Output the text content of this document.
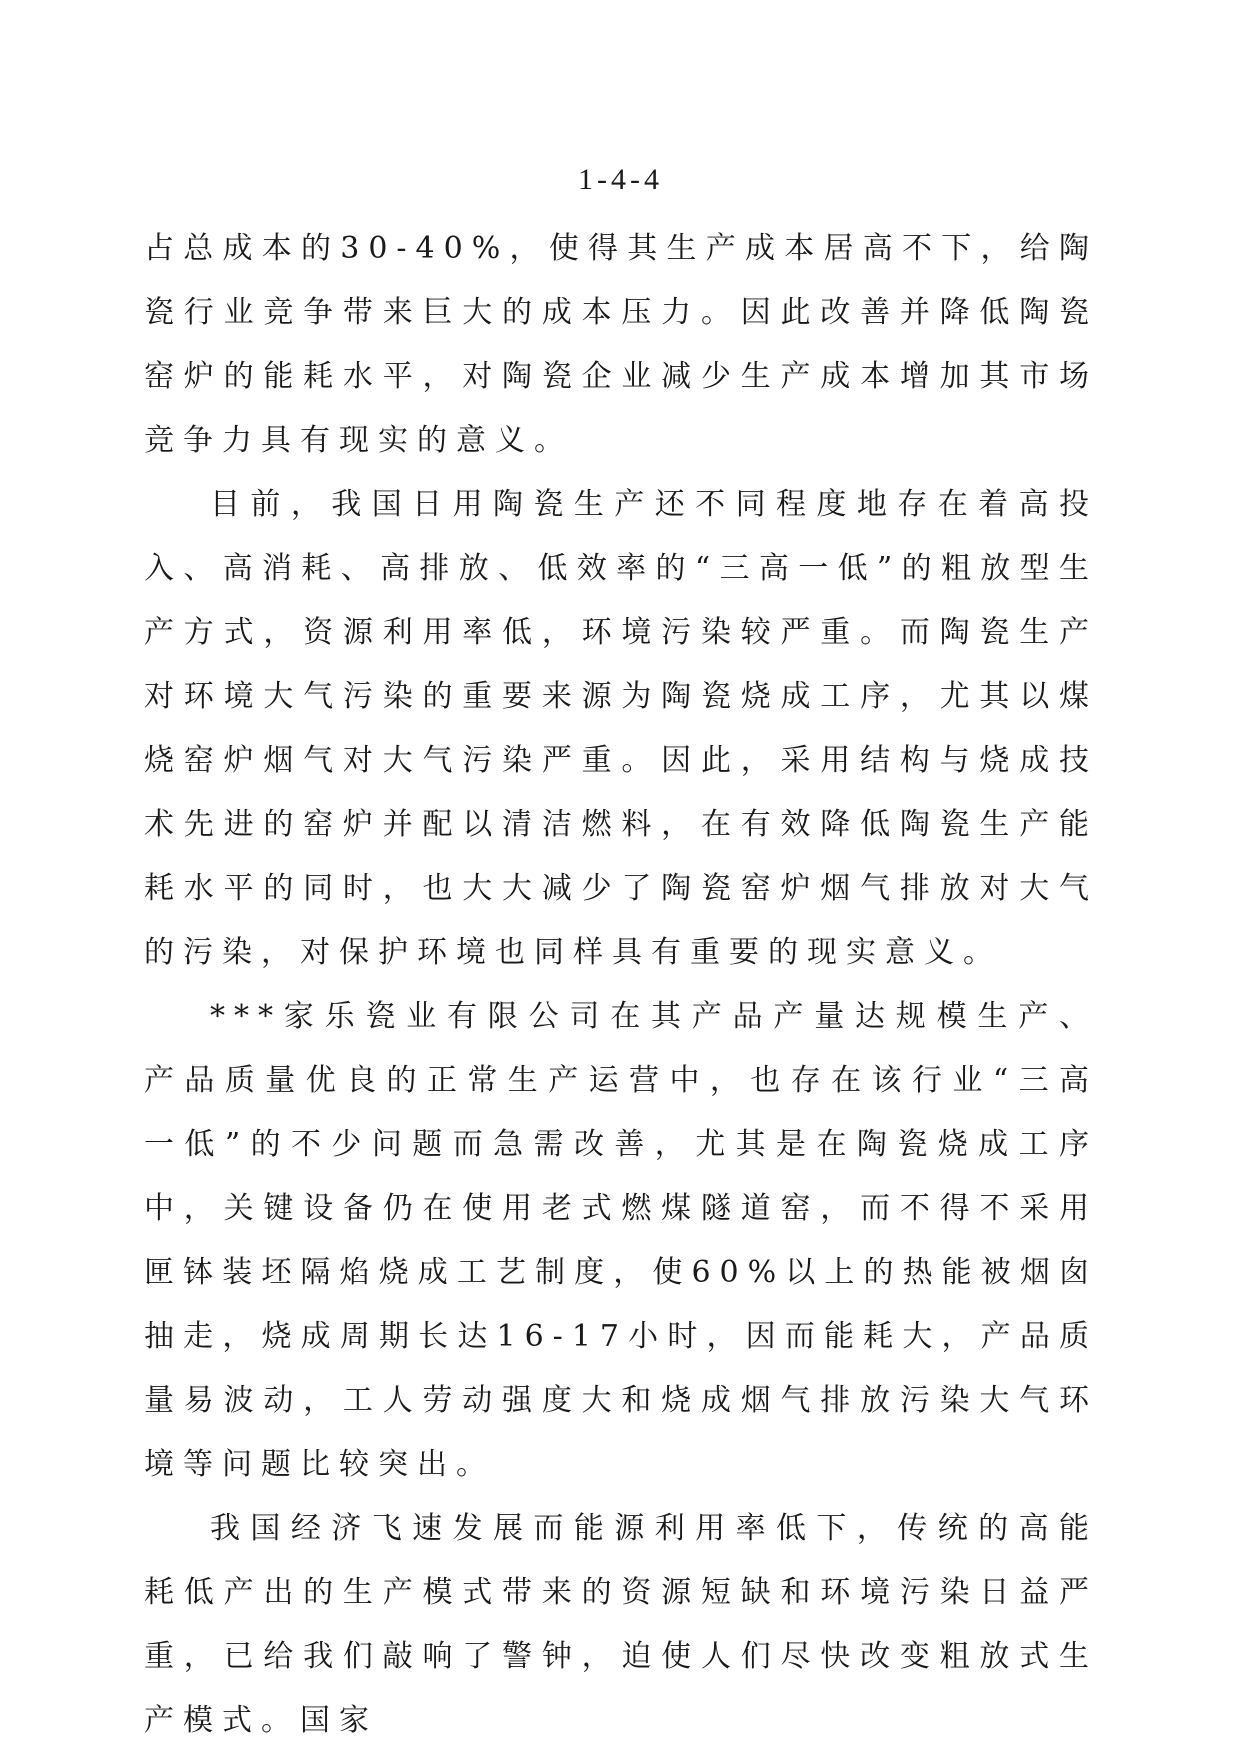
1-4-4

占总成本的30-40%，使得其生产成本居高不下，给陶瓷行业竞争带来巨大的成本压力。因此改善并降低陶瓷窑炉的能耗水平，对陶瓷企业减少生产成本增加其市场竞争力具有现实的意义。

目前，我国日用陶瓷生产还不同程度地存在着高投入、高消耗、高排放、低效率的“三高一低”的粗放型生产方式，资源利用率低，环境污染较严重。而陶瓷生产对环境大气污染的重要来源为陶瓷烧成工序，尤其以煤烧窑炉烟气对大气污染严重。因此，采用结构与烧成技术先进的窑炉并配以清洁燃料，在有效降低陶瓷生产能耗水平的同时，也大大减少了陶瓷窑炉烟气排放对大气的污染，对保护环境也同样具有重要的现实意义。

***家乐瓷业有限公司在其产品产量达规模生产、产品质量优良的正常生产运营中，也存在该行业“三高一低”的不少问题而急需改善，尤其是在陶瓷烧成工序中，关键设备仍在使用老式燃煤隧道窑，而不得不采用匣钵装坯隔焰烧成工艺制度，使60%以上的热能被烟囱抽走，烧成周期长达16-17小时，因而能耗大，产品质量易波动，工人劳动强度大和烧成烟气排放污染大气环境等问题比较突出。

我国经济飞速发展而能源利用率低下，传统的高能耗低产出的生产模式带来的资源短缺和环境污染日益严重，已给我们敲响了警钟，迫使人们尽快改变粗放式生产模式。国家
